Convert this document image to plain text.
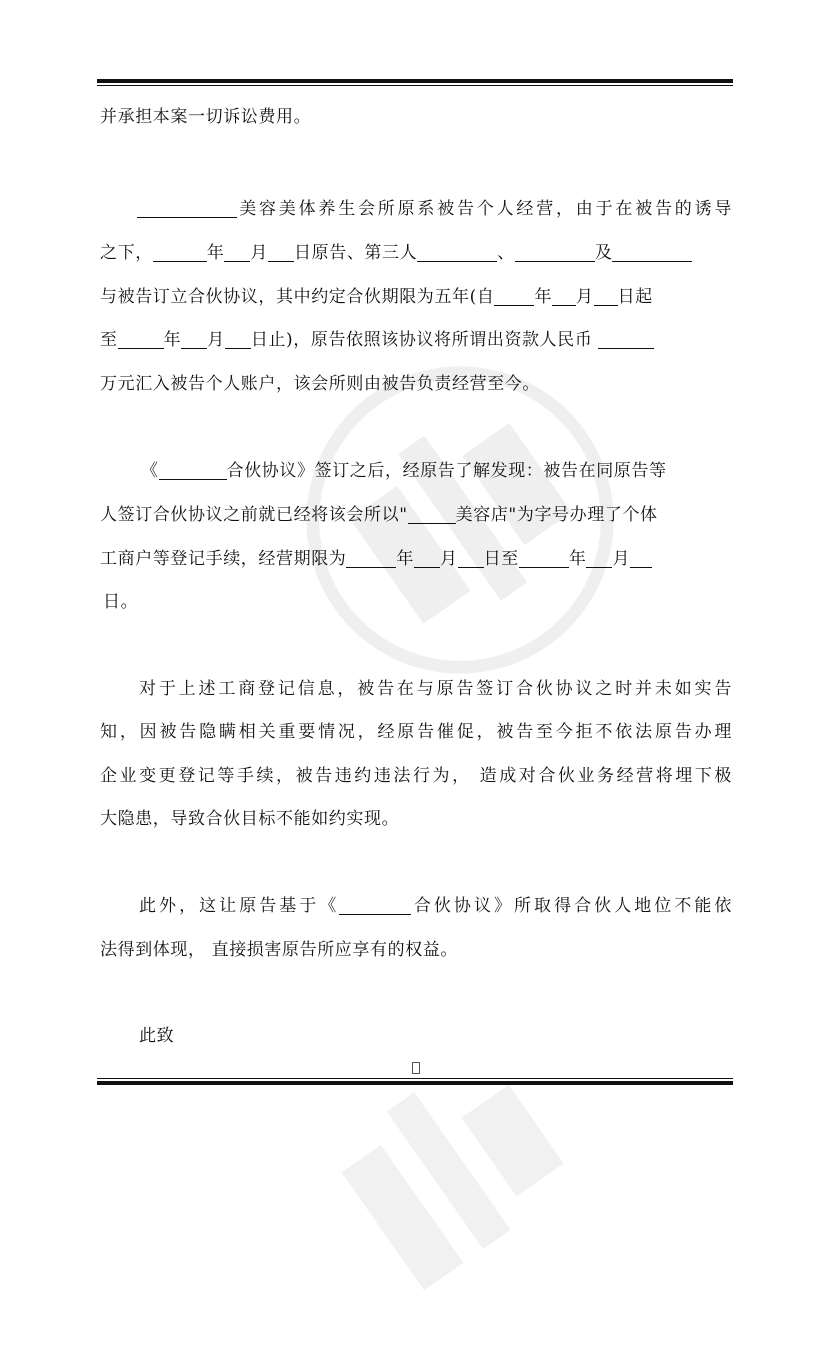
并承担本案一切诉讼费用。
美容美体养生会所原系被告个人经营，由于在被告的诱导
之下，	年 月 日原告、第三人	、	及
与被告订立合伙协议，其中约定合伙期限为五年(自 年 月 日起
至	年 月 日止)，原告依照该协议将所谓出资款人民币
万元汇入被告个人账户，该会所则由被告负责经营至今。
《	合伙协议》签订之后，经原告了解发现：被告在同原告等
人签订合伙协议之前就已经将该会所以"	美容店"为字号办理了个体
工商户等登记手续，经营期限为	年 月 日至	年 月
日。
对于上述工商登记信息，被告在与原告签订合伙协议之时并未如实告
知，因被告隐瞒相关重要情况，经原告催促，被告至今拒不依法原告办理
企业变更登记等手续，被告违约违法行为， 造成对合伙业务经营将埋下极
大隐患，导致合伙目标不能如约实现。
此外，这让原告基于《	合伙协议》所取得合伙人地位不能依
法得到体现， 直接损害原告所应享有的权益。
此致
